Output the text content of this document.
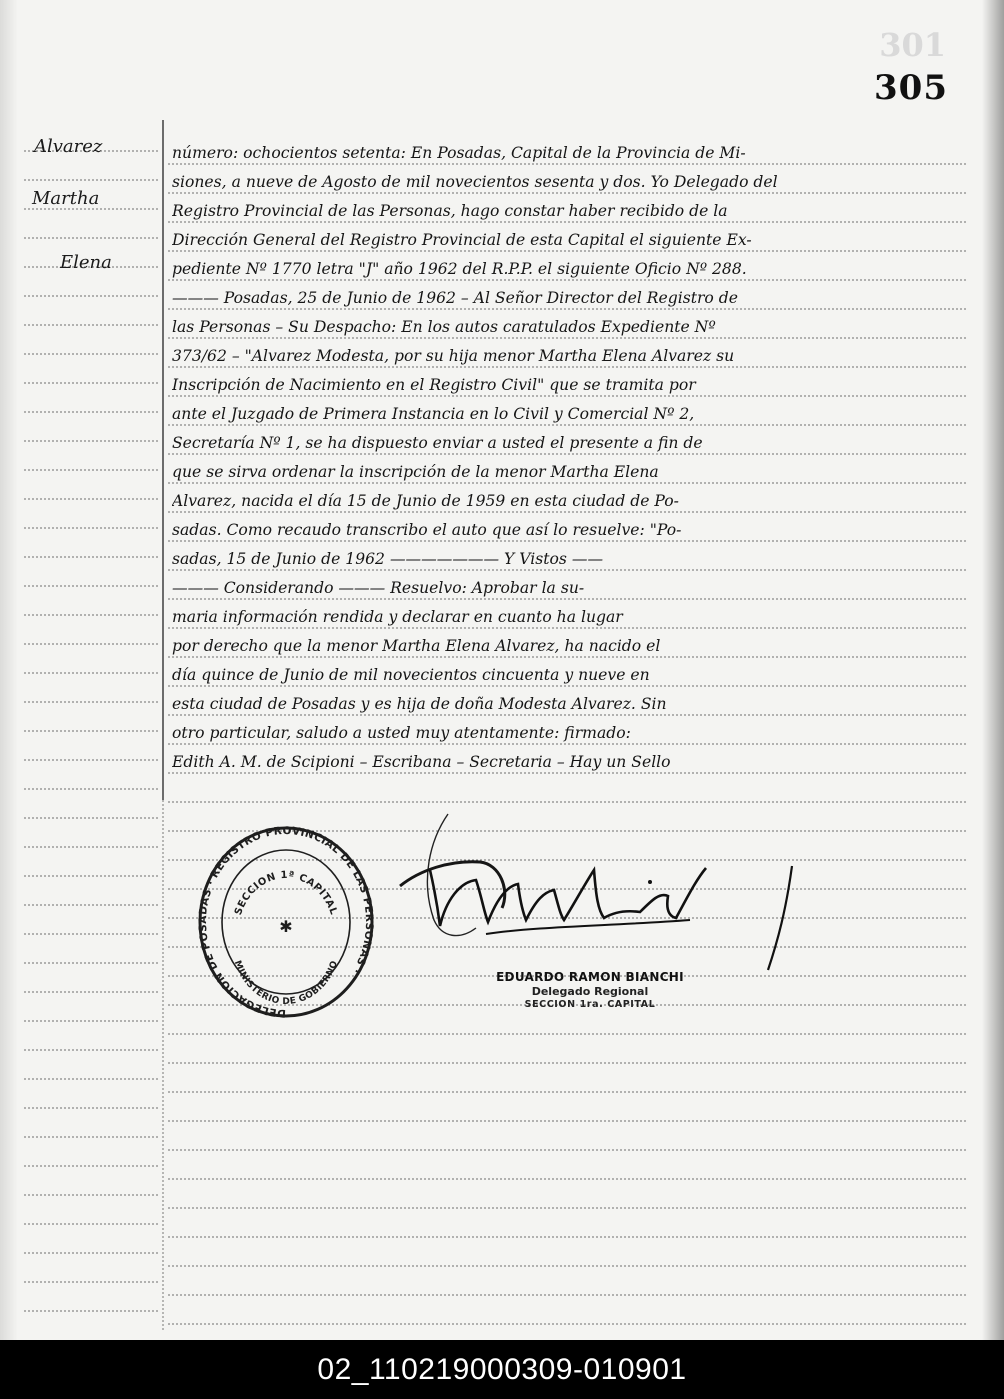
301
305
Alvarez
Martha
Elena
número: ochocientos setenta: En Posadas, Capital de la Provincia de Mi-
siones, a nueve de Agosto de mil novecientos sesenta y dos. Yo Delegado del
Registro Provincial de las Personas, hago constar haber recibido de la
Dirección General del Registro Provincial de esta Capital el siguiente Ex-
pediente Nº 1770 letra "J" año 1962 del R.P.P. el siguiente Oficio Nº 288.
——— Posadas, 25 de Junio de 1962 – Al Señor Director del Registro de
las Personas – Su Despacho: En los autos caratulados Expediente Nº
373/62 – "Alvarez Modesta, por su hija menor Martha Elena Alvarez su
Inscripción de Nacimiento en el Registro Civil" que se tramita por
ante el Juzgado de Primera Instancia en lo Civil y Comercial Nº 2,
Secretaría Nº 1, se ha dispuesto enviar a usted el presente a fin de
que se sirva ordenar la inscripción de la menor Martha Elena
Alvarez, nacida el día 15 de Junio de 1959 en esta ciudad de Po-
sadas. Como recaudo transcribo el auto que así lo resuelve: "Po-
sadas, 15 de Junio de 1962 ——————— Y Vistos ——
——— Considerando ——— Resuelvo: Aprobar la su-
maria información rendida y declarar en cuanto ha lugar
por derecho que la menor Martha Elena Alvarez, ha nacido el
día quince de Junio de mil novecientos cincuenta y nueve en
esta ciudad de Posadas y es hija de doña Modesta Alvarez. Sin
otro particular, saludo a usted muy atentamente: firmado:
Edith A. M. de Scipioni – Escribana – Secretaria – Hay un Sello
DELEGACION DE POSADAS · REGISTRO PROVINCIAL DE LAS PERSONAS ·
SECCION 1ª CAPITAL
MINISTERIO DE GOBIERNO
✱
EDUARDO RAMON BIANCHI
Delegado Regional
SECCION 1ra. CAPITAL
02_110219000309-010901
